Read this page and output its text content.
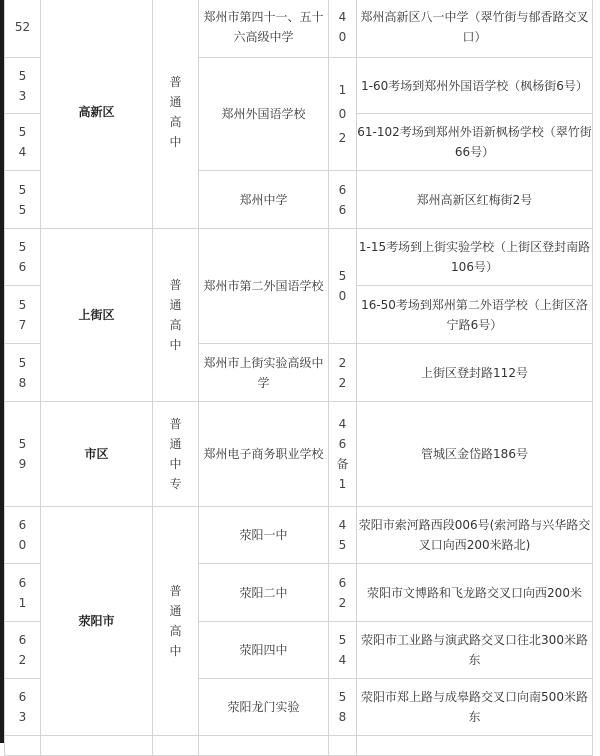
52	高新区	普通高中	郑州市第四十一、五十六高级中学	40	郑州高新区八一中学（翠竹街与郁香路交叉口）

53			郑州外国语学校	102	1-60考场到郑州外国语学校（枫杨街6号）

54					61-102考场到郑州外语新枫杨学校（翠竹街66号）

55			郑州中学	66	郑州高新区红梅街2号

56	上街区	普通高中	郑州市第二外国语学校	50	1-15考场到上街实验学校（上街区登封南路106号）

57					16-50考场到郑州第二外语学校（上街区洛宁路6号）

58			郑州市上街实验高级中学	22	上街区登封路112号

59	市区	普通中专	郑州电子商务职业学校	46备1	管城区金岱路186号

60	荥阳市	普通高中	荥阳一中	45	荥阳市索河路西段006号(索河路与兴华路交叉口向西200米路北)

61			荥阳二中	62	荥阳市文博路和飞龙路交叉口向西200米

62			荥阳四中	54	荥阳市工业路与演武路交叉口往北300米路东

63			荥阳龙门实验	58	荥阳市郑上路与成皋路交叉口向南500米路东
